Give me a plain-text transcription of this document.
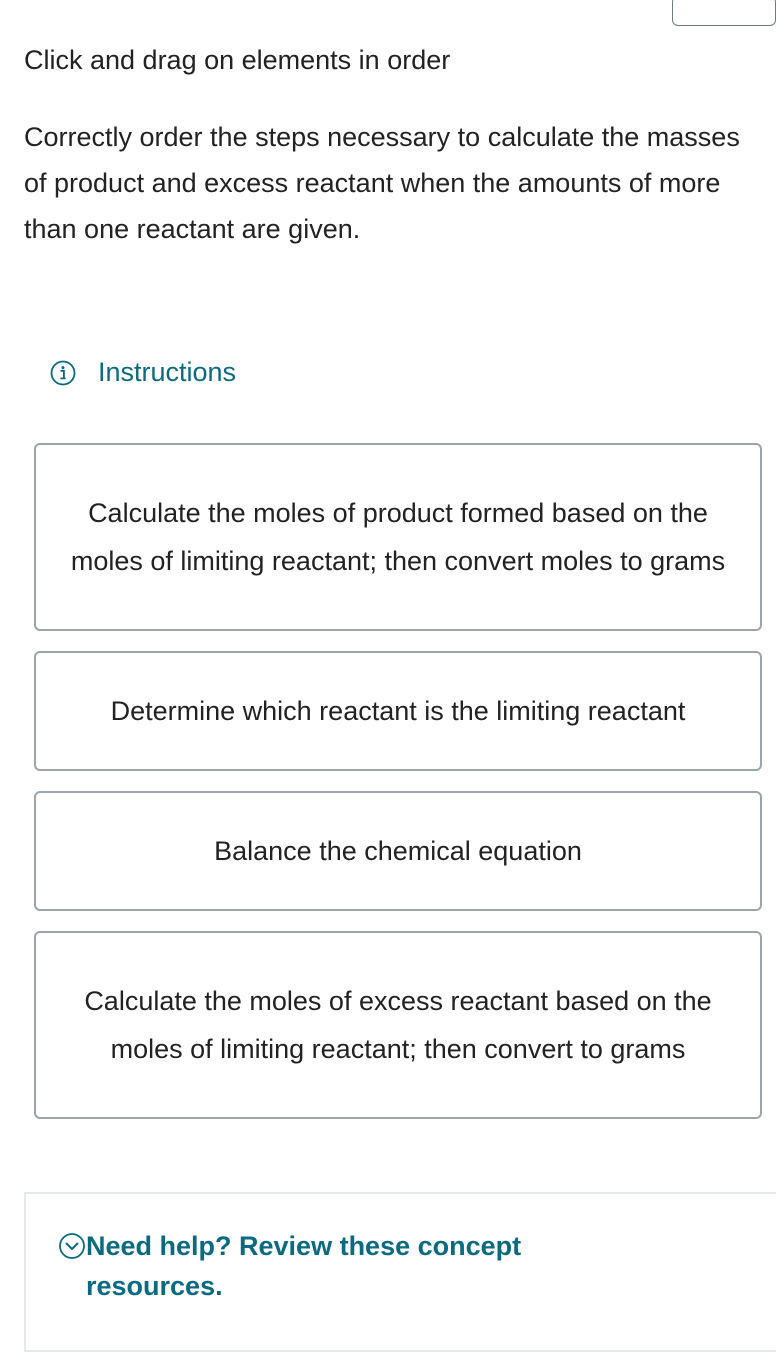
Click and drag on elements in order
Correctly order the steps necessary to calculate the masses of product and excess reactant when the amounts of more than one reactant are given.
Instructions
Calculate the moles of product formed based on the moles of limiting reactant; then convert moles to grams
Determine which reactant is the limiting reactant
Balance the chemical equation
Calculate the moles of excess reactant based on the moles of limiting reactant; then convert to grams
Need help? Review these concept resources.
